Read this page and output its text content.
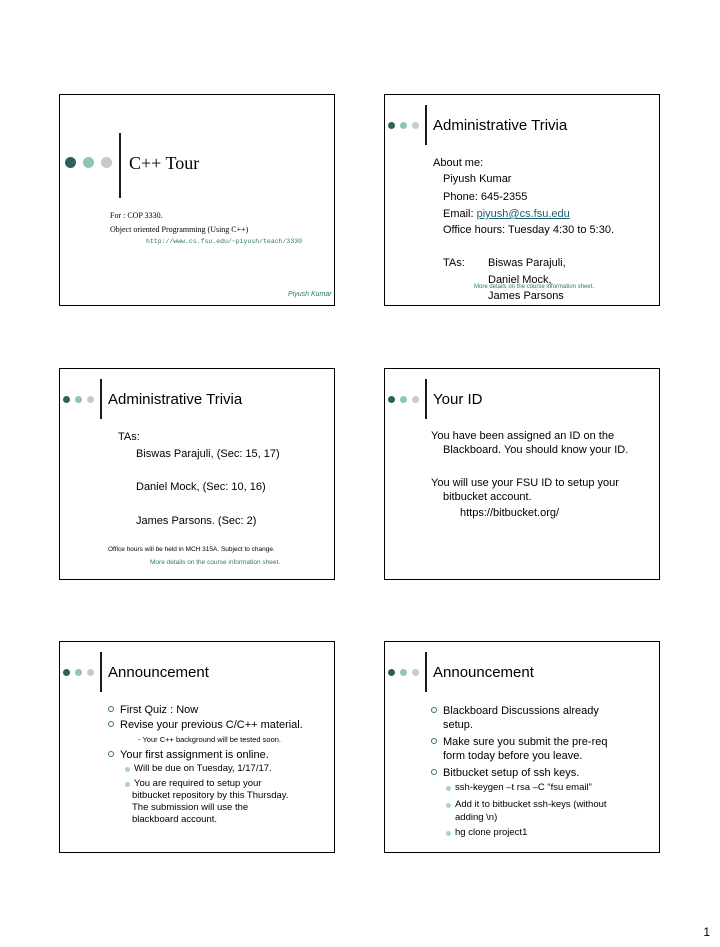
C++ Tour
For : COP 3330.
Object oriented Programming (Using C++)
http://www.cs.fsu.edu/~piyush/teach/3330
Piyush Kumar
Administrative Trivia
About me:
Piyush Kumar
Phone: 645-2355
Email: piyush@cs.fsu.edu
Office hours: Tuesday 4:30 to 5:30.
TAs: Biswas Parajuli,
Daniel Mock,
More details on the course information sheet.
James Parsons
Administrative Trivia
TAs:
Biswas Parajuli, (Sec: 15, 17)
Daniel Mock, (Sec: 10, 16)
James Parsons. (Sec: 2)
Office hours will be held in MCH 315A. Subject to change.
More details on the course information sheet.
Your ID
You have been assigned an ID on the
Blackboard. You should know your ID.
You will use your FSU ID to setup your
bitbucket account.
https://bitbucket.org/
Announcement
First Quiz : Now
Revise your previous C/C++ material.
- Your C++ background will be tested soon.
Your first assignment is online.
Will be due on Tuesday, 1/17/17.
You are required to setup your
bitbucket repository by this Thursday.
The submission will use the
blackboard account.
Announcement
Blackboard Discussions already
setup.
Make sure you submit the pre-req
form today before you leave.
Bitbucket setup of ssh keys.
ssh-keygen –t rsa –C “fsu email”
Add it to bitbucket ssh-keys (without
adding \n)
hg clone project1
1
